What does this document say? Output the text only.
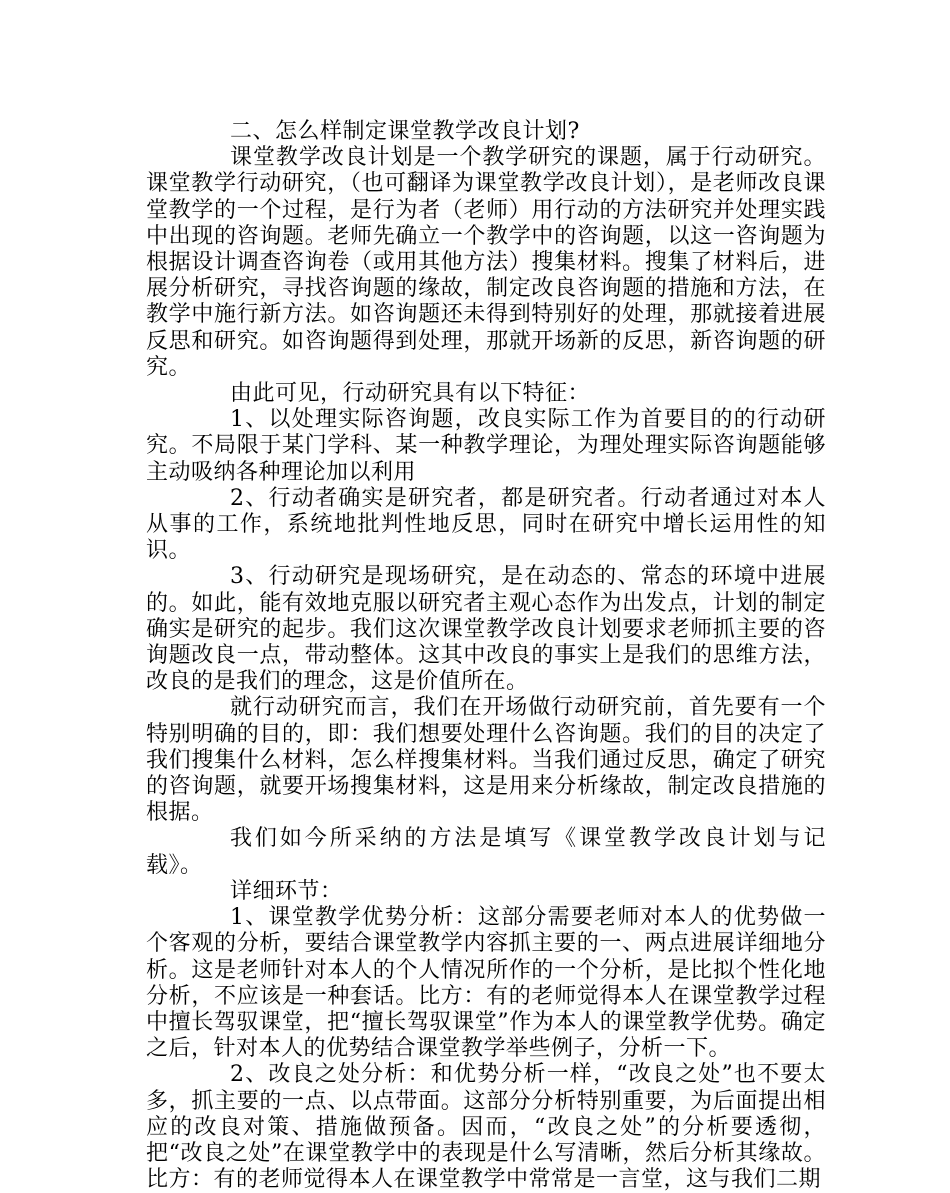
二、怎么样制定课堂教学改良计划?

课堂教学改良计划是一个教学研究的课题，属于行动研究。课堂教学行动研究，（也可翻译为课堂教学改良计划），是老师改良课堂教学的一个过程，是行为者（老师）用行动的方法研究并处理实践中出现的咨询题。老师先确立一个教学中的咨询题，以这一咨询题为根据设计调查咨询卷（或用其他方法）搜集材料。搜集了材料后，进展分析研究，寻找咨询题的缘故，制定改良咨询题的措施和方法，在教学中施行新方法。如咨询题还未得到特别好的处理，那就接着进展反思和研究。如咨询题得到处理，那就开场新的反思，新咨询题的研究。

由此可见，行动研究具有以下特征：

1、以处理实际咨询题，改良实际工作为首要目的的行动研究。不局限于某门学科、某一种教学理论，为理处理实际咨询题能够主动吸纳各种理论加以利用

2、行动者确实是研究者，都是研究者。行动者通过对本人从事的工作，系统地批判性地反思，同时在研究中增长运用性的知识。

3、行动研究是现场研究，是在动态的、常态的环境中进展的。如此，能有效地克服以研究者主观心态作为出发点，计划的制定确实是研究的起步。我们这次课堂教学改良计划要求老师抓主要的咨询题改良一点，带动整体。这其中改良的事实上是我们的思维方法，改良的是我们的理念，这是价值所在。

就行动研究而言，我们在开场做行动研究前，首先要有一个特别明确的目的，即：我们想要处理什么咨询题。我们的目的决定了我们搜集什么材料，怎么样搜集材料。当我们通过反思，确定了研究的咨询题，就要开场搜集材料，这是用来分析缘故，制定改良措施的根据。

我们如今所采纳的方法是填写《课堂教学改良计划与记载》。

详细环节：

1、课堂教学优势分析：这部分需要老师对本人的优势做一个客观的分析，要结合课堂教学内容抓主要的一、两点进展详细地分析。这是老师针对本人的个人情况所作的一个分析，是比拟个性化地分析，不应该是一种套话。比方：有的老师觉得本人在课堂教学过程中擅长驾驭课堂，把“擅长驾驭课堂”作为本人的课堂教学优势。确定之后，针对本人的优势结合课堂教学举些例子，分析一下。

2、改良之处分析：和优势分析一样，“改良之处”也不要太多，抓主要的一点、以点带面。这部分分析特别重要，为后面提出相应的改良对策、措施做预备。因而，“改良之处”的分析要透彻，把“改良之处”在课堂教学中的表现是什么写清晰，然后分析其缘故。比方：有的老师觉得本人在课堂教学中常常是一言堂，这与我们二期
